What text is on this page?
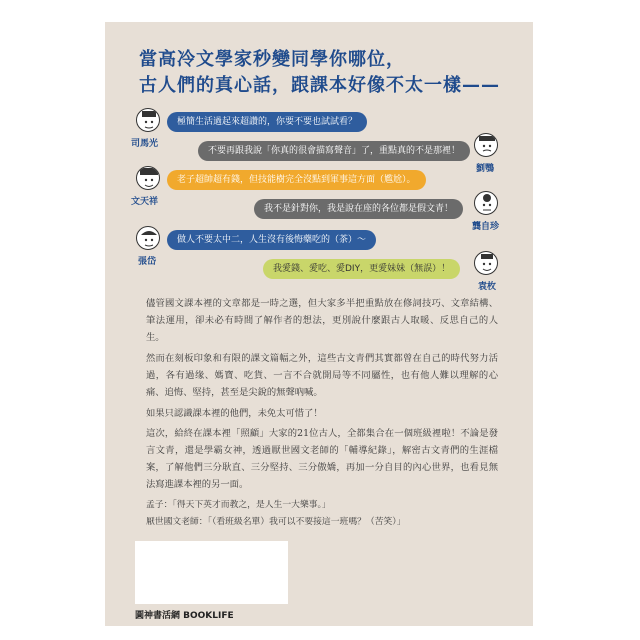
當高冷文學家秒變同學你哪位，
古人們的真心話，跟課本好像不太一樣——
司馬光
極簡生活過起來超讚的，你要不要也試試看？
不要再跟我說「你真的很會描寫聲音」了，重點真的不是那裡！
劉鶚
文天祥
老子超帥超有錢，但技能樹完全沒點到軍事這方面（尷尬）。
我不是針對你，我是說在座的各位都是假文青！
龔自珍
張岱
做人不要太中二，人生沒有後悔藥吃的（茶）～
我愛錢、愛吃、愛DIY，更愛妹妹（無誤）！
袁枚

儘管國文課本裡的文章都是一時之選，但大家多半把重點放在修詞技巧、文章結構、筆法運用，卻未必有時間了解作者的想法，更別說什麼跟古人取暖、反思自己的人生。

然而在刻板印象和有限的課文篇幅之外，這些古文青們其實都曾在自己的時代努力活過，各有過缘、媽寶、吃貨、一言不合就開局等不同屬性，也有他人難以理解的心痛、追悔、堅持，甚至是尖銳的無聲吶喊。

如果只認識課本裡的他們，未免太可惜了！

這次，給終在課本裡「照顧」大家的21位古人，全都集合在一個班級裡啦！不論是發言文青，還是學霸女神，透過厭世國文老師的「輔導紀錄」，解密古文青們的生涯檔案，了解他們三分耿直、三分堅持、三分傲嬌，再加一分自目的內心世界，也看見無法寫進課本裡的另一面。

孟子：「得天下英才而教之，是人生一大樂事。」
厭世國文老師：「（看班級名單）我可以不要接這一班嗎？（苦笑）」
圓神書活網 BOOKLIFE
